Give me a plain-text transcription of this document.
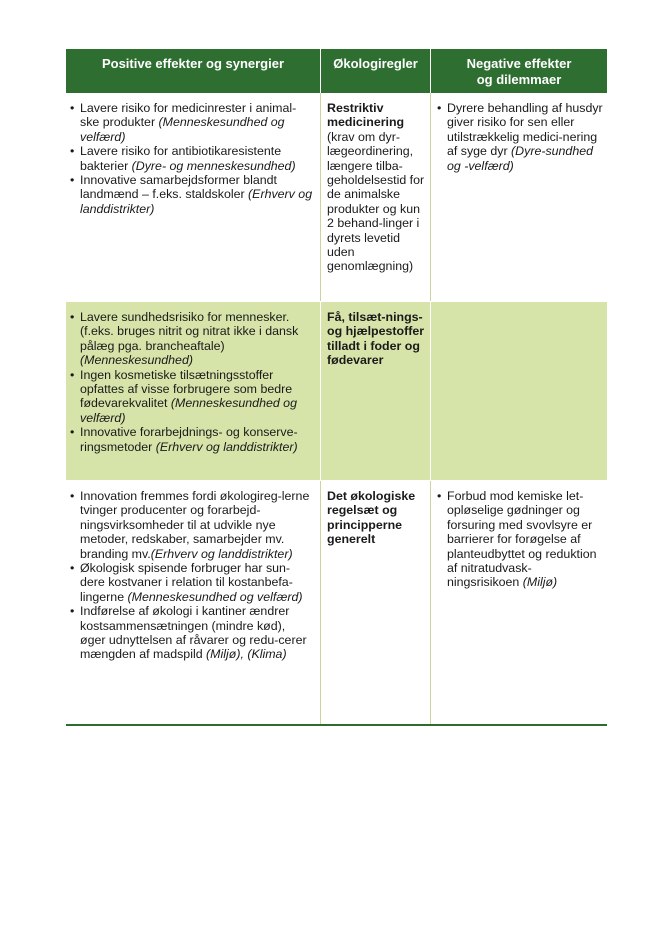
Positive effekter og synergier	Økologiregler	Negative effekter
og dilemmaer
• Lavere risiko for medicinrester i animal-ske produkter (Menneskesundhed og velfærd)
• Lavere risiko for antibiotikaresistente bakterier (Dyre- og menneskesundhed)
• Innovative samarbejdsformer blandt landmænd – f.eks. staldskoler (Erhverv og landdistrikter)
Restriktiv medicinering (krav om dyr-lægeordinering, længere tilba-geholdelsestid for de animalske produkter og kun 2 behand-linger i dyrets levetid uden genomlægning)
• Dyrere behandling af husdyr giver risiko for sen eller utilstrækkelig medici-nering af syge dyr (Dyre-sundhed og -velfærd)
• Lavere sundhedsrisiko for mennesker. (f.eks. bruges nitrit og nitrat ikke i dansk pålæg pga. brancheaftale) (Menneskesundhed)
• Ingen kosmetiske tilsætningsstoffer opfattes af visse forbrugere som bedre fødevarekvalitet (Menneskesundhed og velfærd)
• Innovative forarbejdnings- og konserve-ringsmetoder (Erhverv og landdistrikter)
Få, tilsæt-nings- og hjælpestoffer tilladt i foder og fødevarer
• Innovation fremmes fordi økologireg-lerne tvinger producenter og forarbejd-ningsvirksomheder til at udvikle nye metoder, redskaber, samarbejder mv. branding mv.(Erhverv og landdistrikter)
• Økologisk spisende forbruger har sun-dere kostvaner i relation til kostanbefa-lingerne (Menneskesundhed og velfærd)
• Indførelse af økologi i kantiner ændrer kostsammensætningen (mindre kød), øger udnyttelsen af råvarer og redu-cerer mængden af madspild (Miljø), (Klima)
Det økologiske regelsæt og principperne generelt
• Forbud mod kemiske let-opløselige gødninger og forsuring med svovlsyre er barrierer for forøgelse af planteudbyttet og reduktion af nitratudvask-ningsrisikoen (Miljø)
